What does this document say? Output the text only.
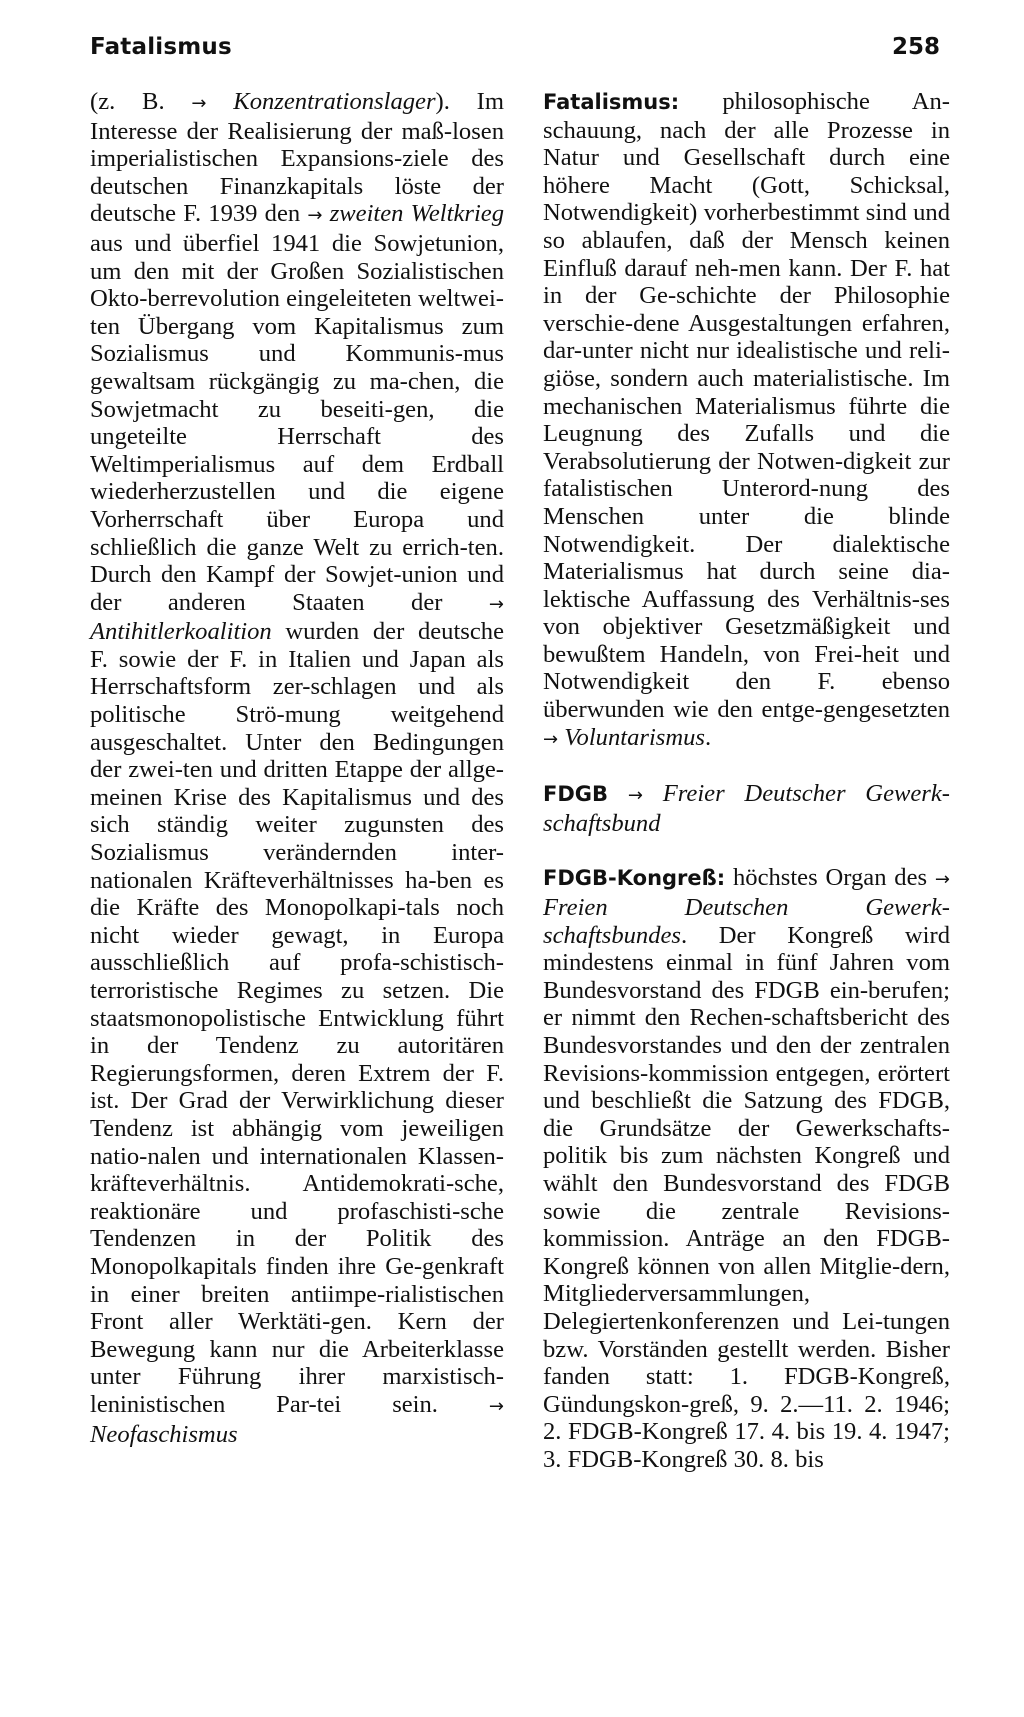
Fatalismus	258

(z. B. → Konzentrationslager). Im Interesse der Realisierung der maß-losen imperialistischen Expansions-ziele des deutschen Finanzkapitals löste der deutsche F. 1939 den → zweiten Weltkrieg aus und überfiel 1941 die Sowjetunion, um den mit der Großen Sozialistischen Okto-berrevolution eingeleiteten weltwei-ten Übergang vom Kapitalismus zum Sozialismus und Kommunis-mus gewaltsam rückgängig zu ma-chen, die Sowjetmacht zu beseiti-gen, die ungeteilte Herrschaft des Weltimperialismus auf dem Erdball wiederherzustellen und die eigene Vorherrschaft über Europa und schließlich die ganze Welt zu errich-ten. Durch den Kampf der Sowjet-union und der anderen Staaten der → Antihitlerkoalition wurden der deutsche F. sowie der F. in Italien und Japan als Herrschaftsform zer-schlagen und als politische Strö-mung weitgehend ausgeschaltet. Unter den Bedingungen der zwei-ten und dritten Etappe der allge-meinen Krise des Kapitalismus und des sich ständig weiter zugunsten des Sozialismus verändernden inter-nationalen Kräfteverhältnisses ha-ben es die Kräfte des Monopolkapi-tals noch nicht wieder gewagt, in Europa ausschließlich auf profa-schistisch-terroristische Regimes zu setzen. Die staatsmonopolistische Entwicklung führt in der Tendenz zu autoritären Regierungsformen, deren Extrem der F. ist. Der Grad der Verwirklichung dieser Tendenz ist abhängig vom jeweiligen natio-nalen und internationalen Klassen-kräfteverhältnis. Antidemokrati-sche, reaktionäre und profaschisti-sche Tendenzen in der Politik des Monopolkapitals finden ihre Ge-genkraft in einer breiten antiimpe-rialistischen Front aller Werktäti-gen. Kern der Bewegung kann nur die Arbeiterklasse unter Führung ihrer marxistisch-leninistischen Par-tei sein. → Neofaschismus

Fatalismus: philosophische An-schauung, nach der alle Prozesse in Natur und Gesellschaft durch eine höhere Macht (Gott, Schicksal, Notwendigkeit) vorherbestimmt sind und so ablaufen, daß der Mensch keinen Einfluß darauf neh-men kann. Der F. hat in der Ge-schichte der Philosophie verschie-dene Ausgestaltungen erfahren, dar-unter nicht nur idealistische und reli-giöse, sondern auch materialistische. Im mechanischen Materialismus führte die Leugnung des Zufalls und die Verabsolutierung der Notwen-digkeit zur fatalistischen Unterord-nung des Menschen unter die blinde Notwendigkeit. Der dialektische Materialismus hat durch seine dia-lektische Auffassung des Verhältnis-ses von objektiver Gesetzmäßigkeit und bewußtem Handeln, von Frei-heit und Notwendigkeit den F. ebenso überwunden wie den entge-gengesetzten → Voluntarismus.

FDGB → Freier Deutscher Gewerk-schaftsbund

FDGB-Kongreß: höchstes Organ des → Freien Deutschen Gewerk-schaftsbundes. Der Kongreß wird mindestens einmal in fünf Jahren vom Bundesvorstand des FDGB ein-berufen; er nimmt den Rechen-schaftsbericht des Bundesvorstandes und den der zentralen Revisions-kommission entgegen, erörtert und beschließt die Satzung des FDGB, die Grundsätze der Gewerkschafts-politik bis zum nächsten Kongreß und wählt den Bundesvorstand des FDGB sowie die zentrale Revisions-kommission. Anträge an den FDGB-Kongreß können von allen Mitglie-dern, Mitgliederversammlungen, Delegiertenkonferenzen und Lei-tungen bzw. Vorständen gestellt werden. Bisher fanden statt: 1. FDGB-Kongreß, Gündungskon-greß, 9. 2.—11. 2. 1946; 2. FDGB-Kongreß 17. 4. bis 19. 4. 1947; 3. FDGB-Kongreß 30. 8. bis
